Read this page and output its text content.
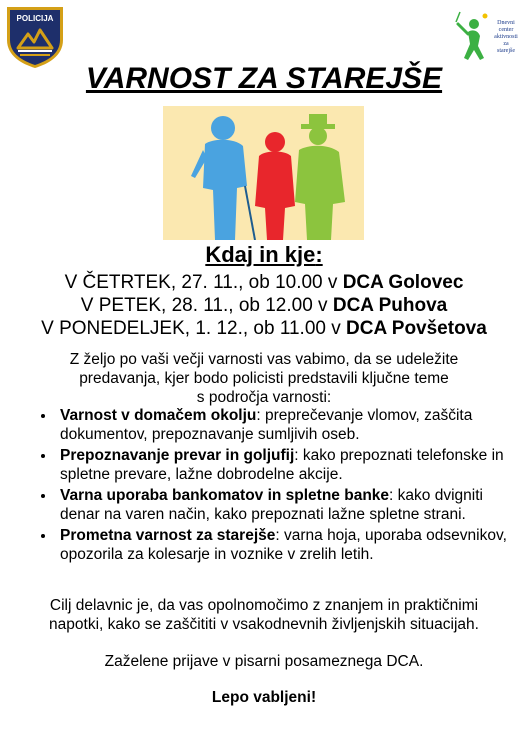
POLICIJA	Dnevni
center
aktivnosti
za
starejše
VARNOST ZA STAREJŠE
Kdaj in kje:
V ČETRTEK, 27. 11., ob 10.00 v DCA Golovec
V PETEK, 28. 11., ob 12.00 v DCA Puhova
V PONEDELJEK, 1. 12., ob 11.00 v DCA Povšetova
Z željo po vaši večji varnosti vas vabimo, da se udeležite
predavanja, kjer bodo policisti predstavili ključne teme
s področja varnosti:
Varnost v domačem okolju: preprečevanje vlomov, zaščita dokumentov, prepoznavanje sumljivih oseb.
Prepoznavanje prevar in goljufij: kako prepoznati telefonske in spletne prevare, lažne dobrodelne akcije.
Varna uporaba bankomatov in spletne banke: kako dvigniti denar na varen način, kako prepoznati lažne spletne strani.
Prometna varnost za starejše: varna hoja, uporaba odsevnikov, opozorila za kolesarje in voznike v zrelih letih.
Cilj delavnic je, da vas opolnomočimo z znanjem in praktičnimi
napotki, kako se zaščititi v vsakodnevnih življenjskih situacijah.
Zaželene prijave v pisarni posameznega DCA.
Lepo vabljeni!
